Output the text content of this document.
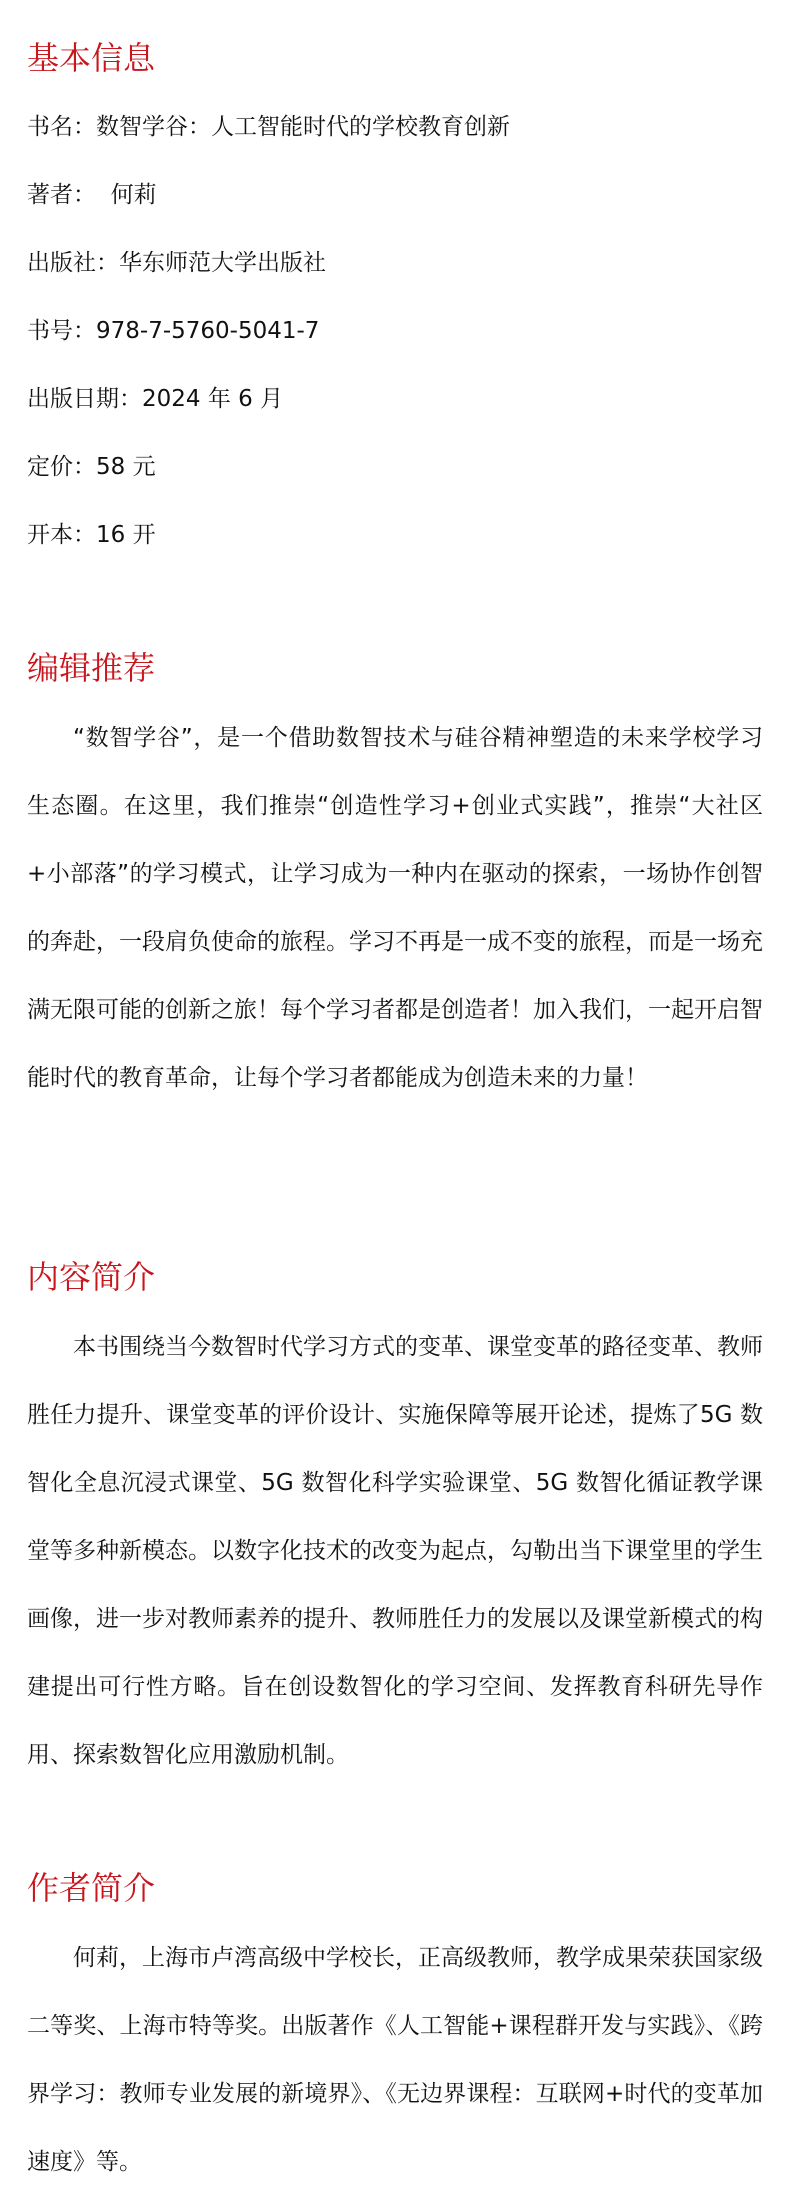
基本信息

书名：数智学谷：人工智能时代的学校教育创新

著者：  何莉

出版社：华东师范大学出版社

书号：978-7-5760-5041-7

出版日期：2024 年 6 月

定价：58 元

开本：16 开

编辑推荐

“数智学谷”，是一个借助数智技术与硅谷精神塑造的未来学校学习生态圈。在这里，我们推崇“创造性学习+创业式实践”，推崇“大社区+小部落”的学习模式，让学习成为一种内在驱动的探索，一场协作创智的奔赴，一段肩负使命的旅程。学习不再是一成不变的旅程，而是一场充满无限可能的创新之旅！每个学习者都是创造者！加入我们，一起开启智能时代的教育革命，让每个学习者都能成为创造未来的力量！

内容简介

本书围绕当今数智时代学习方式的变革、课堂变革的路径变革、教师胜任力提升、课堂变革的评价设计、实施保障等展开论述，提炼了5G 数智化全息沉浸式课堂、5G 数智化科学实验课堂、5G 数智化循证教学课堂等多种新模态。以数字化技术的改变为起点，勾勒出当下课堂里的学生画像，进一步对教师素养的提升、教师胜任力的发展以及课堂新模式的构建提出可行性方略。旨在创设数智化的学习空间、发挥教育科研先导作用、探索数智化应用激励机制。

作者简介

何莉，上海市卢湾高级中学校长，正高级教师，教学成果荣获国家级二等奖、上海市特等奖。出版著作《人工智能+课程群开发与实践》、《跨界学习：教师专业发展的新境界》、《无边界课程：互联网+时代的变革加速度》等。
